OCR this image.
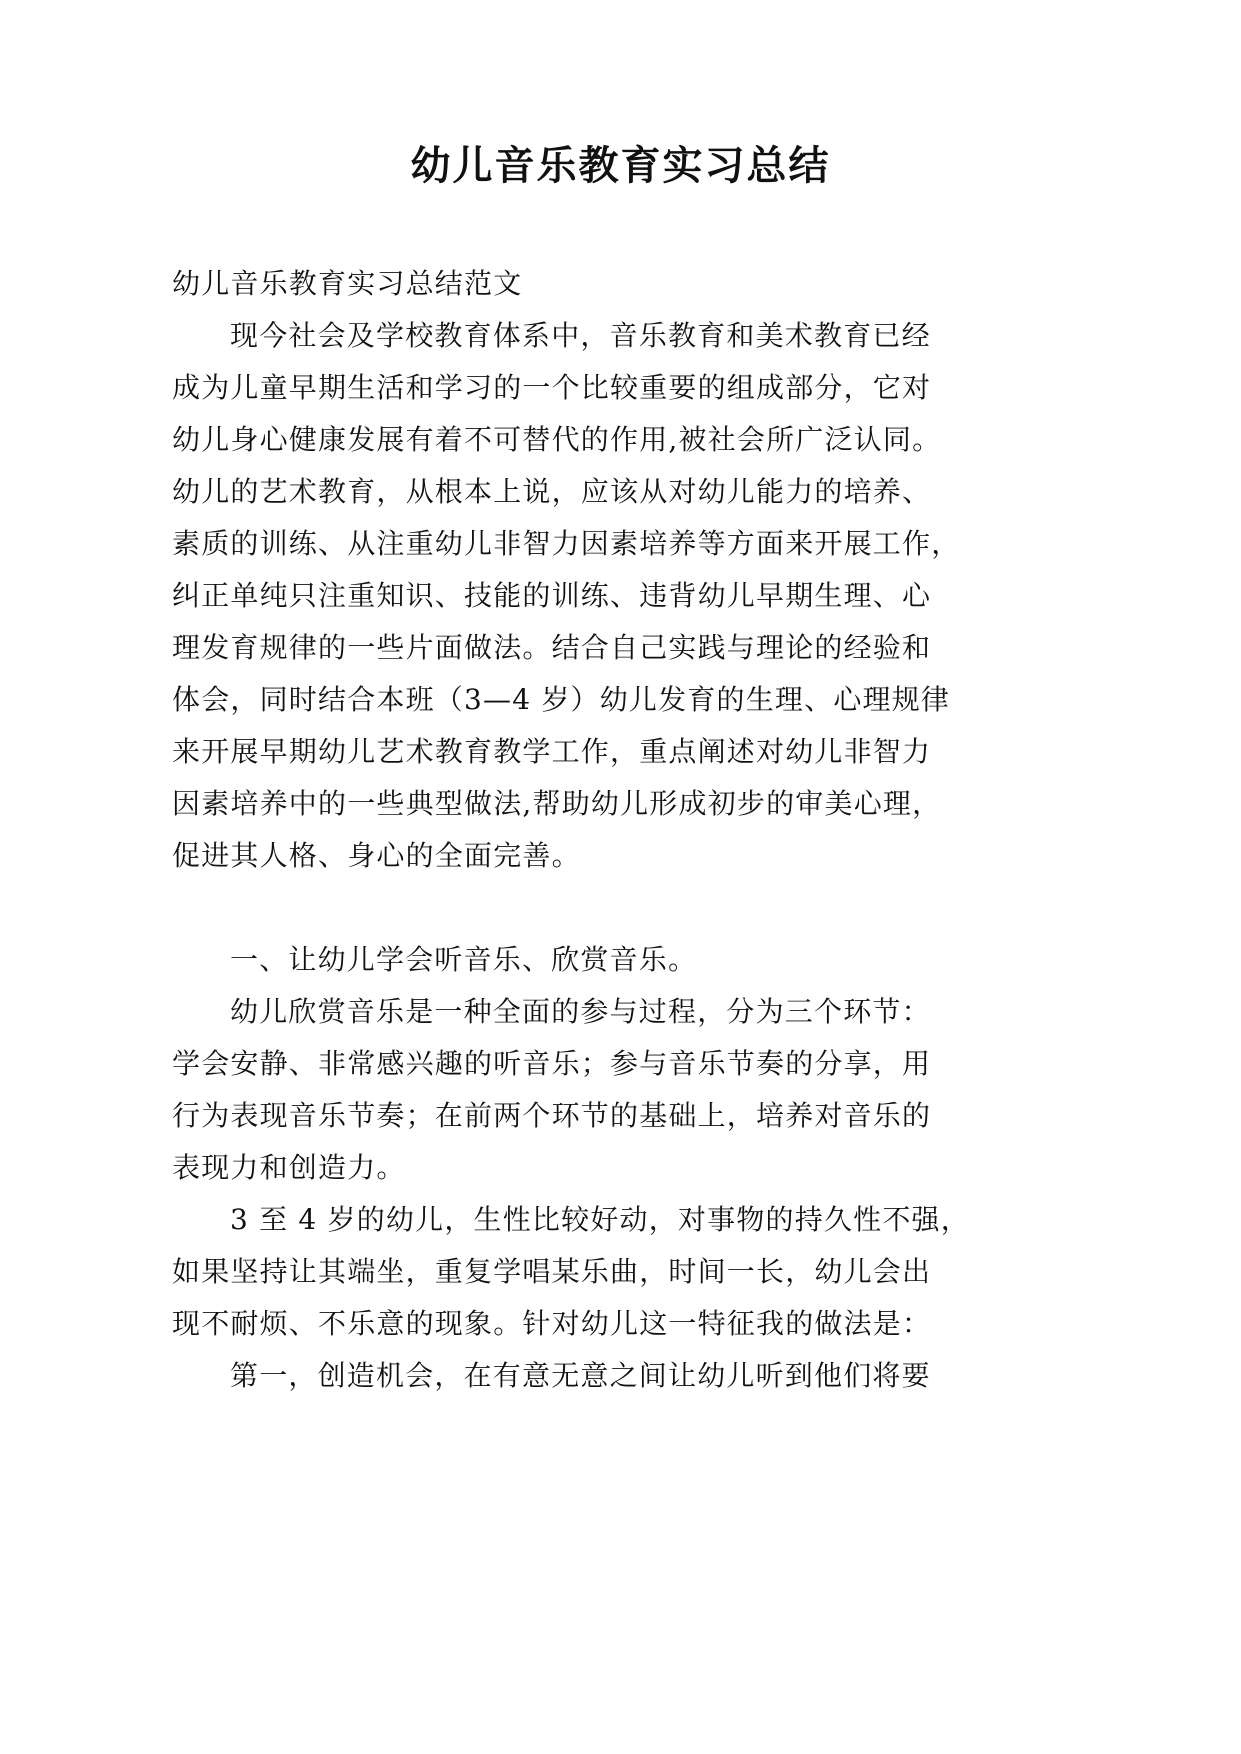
幼儿音乐教育实习总结
幼儿音乐教育实习总结范文
现今社会及学校教育体系中，音乐教育和美术教育已经
成为儿童早期生活和学习的一个比较重要的组成部分，它对
幼儿身心健康发展有着不可替代的作用,被社会所广泛认同。
幼儿的艺术教育，从根本上说，应该从对幼儿能力的培养、
素质的训练、从注重幼儿非智力因素培养等方面来开展工作，
纠正单纯只注重知识、技能的训练、违背幼儿早期生理、心
理发育规律的一些片面做法。结合自己实践与理论的经验和
体会，同时结合本班（3—4 岁）幼儿发育的生理、心理规律
来开展早期幼儿艺术教育教学工作，重点阐述对幼儿非智力
因素培养中的一些典型做法,帮助幼儿形成初步的审美心理，
促进其人格、身心的全面完善。
一、让幼儿学会听音乐、欣赏音乐。
幼儿欣赏音乐是一种全面的参与过程，分为三个环节：
学会安静、非常感兴趣的听音乐；参与音乐节奏的分享，用
行为表现音乐节奏；在前两个环节的基础上，培养对音乐的
表现力和创造力。
3 至 4 岁的幼儿，生性比较好动，对事物的持久性不强，
如果坚持让其端坐，重复学唱某乐曲，时间一长，幼儿会出
现不耐烦、不乐意的现象。针对幼儿这一特征我的做法是：
第一，创造机会，在有意无意之间让幼儿听到他们将要
